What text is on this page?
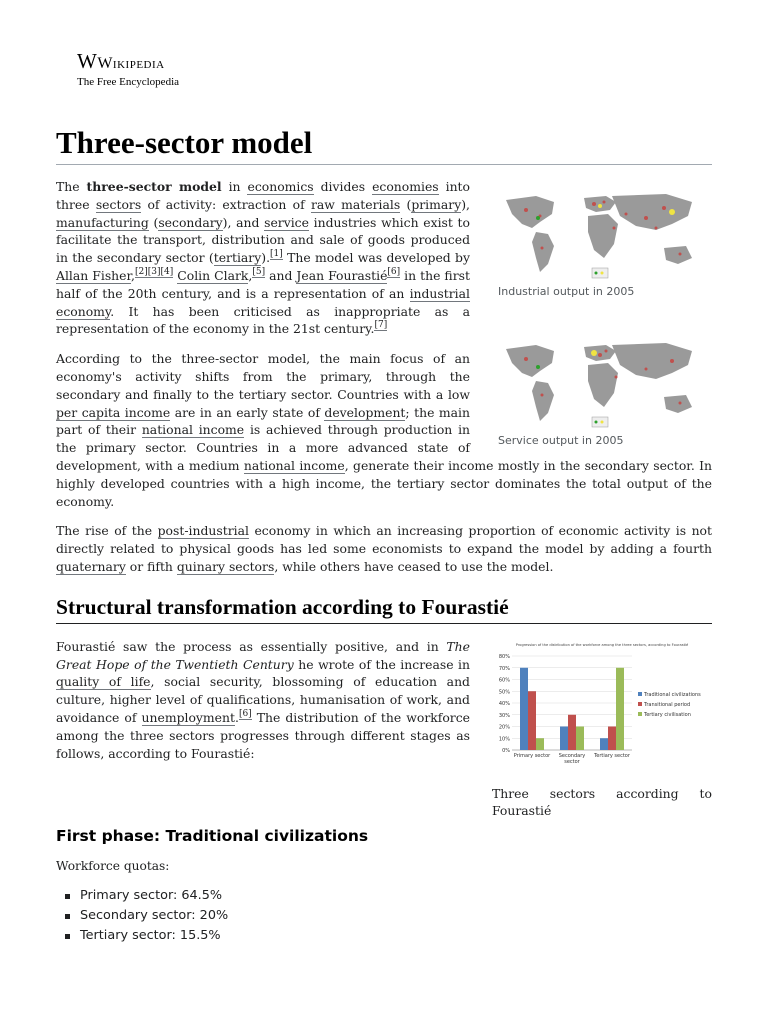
WWikipedia
The Free Encyclopedia
Three-sector model
Industrial output in 2005
Service output in 2005

The three-sector model in economics divides economies into three sectors of activity: extraction of raw materials (primary), manufacturing (secondary), and service industries which exist to facilitate the transport, distribution and sale of goods produced in the secondary sector (tertiary).[1] The model was developed by Allan Fisher,[2][3][4] Colin Clark,[5] and Jean Fourastié[6] in the first half of the 20th century, and is a representation of an industrial economy. It has been criticised as inappropriate as a representation of the economy in the 21st century.[7]

According to the three-sector model, the main focus of an economy's activity shifts from the primary, through the secondary and finally to the tertiary sector. Countries with a low per capita income are in an early state of development; the main part of their national income is achieved through production in the primary sector. Countries in a more advanced state of development, with a medium national income, generate their income mostly in the secondary sector. In highly developed countries with a high income, the tertiary sector dominates the total output of the economy.

The rise of the post-industrial economy in which an increasing proportion of economic activity is not directly related to physical goods has led some economists to expand the model by adding a fourth quaternary or fifth quinary sectors, while others have ceased to use the model.

Structural transformation according to Fourastié
Progression of the distribution of the workforce among the three sectors, according to Fourastié
0%
10%
20%
30%
40%
50%
60%
70%
80%
Primary sector Secondary
sector
Tertiary sector
Traditional civilizations
Transitional period
Tertiary civilisation
Three sectors according to Fourastié

Fourastié saw the process as essentially positive, and in The Great Hope of the Twentieth Century he wrote of the increase in quality of life, social security, blossoming of education and culture, higher level of qualifications, humanisation of work, and avoidance of unemployment.[6] The distribution of the workforce among the three sectors progresses through different stages as follows, according to Fourastié:

First phase: Traditional civilizations

Workforce quotas:

Primary sector: 64.5%
Secondary sector: 20%
Tertiary sector: 15.5%
